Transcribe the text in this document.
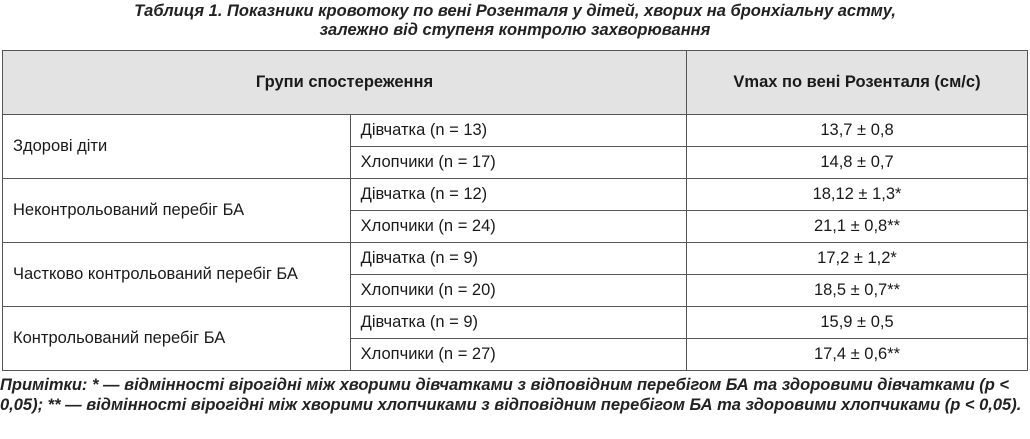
Таблиця 1. Показники кровотоку по вені Розенталя у дітей, хворих на бронхіальну астму,
залежно від ступеня контролю захворювання
Групи спостереження		Vmax по вені Розенталя (см/с)
Здорові діти	Дівчатка (n = 13)	13,7 ± 0,8
	Хлопчики (n = 17)	14,8 ± 0,7
Неконтрольований перебіг БА	Дівчатка (n = 12)	18,12 ± 1,3*
	Хлопчики (n = 24)	21,1 ± 0,8**
Частково контрольований перебіг БА	Дівчатка (n = 9)	17,2 ± 1,2*
	Хлопчики (n = 20)	18,5 ± 0,7**
Контрольований перебіг БА	Дівчатка (n = 9)	15,9 ± 0,5
	Хлопчики (n = 27)	17,4 ± 0,6**
Примітки: * — відмінності вірогідні між хворими дівчатками з відповідним перебігом БА та здоровими дівчатками (p < 0,05); ** — відмінності вірогідні між хворими хлопчиками з відповідним перебігом БА та здоровими хлопчиками (p < 0,05).
